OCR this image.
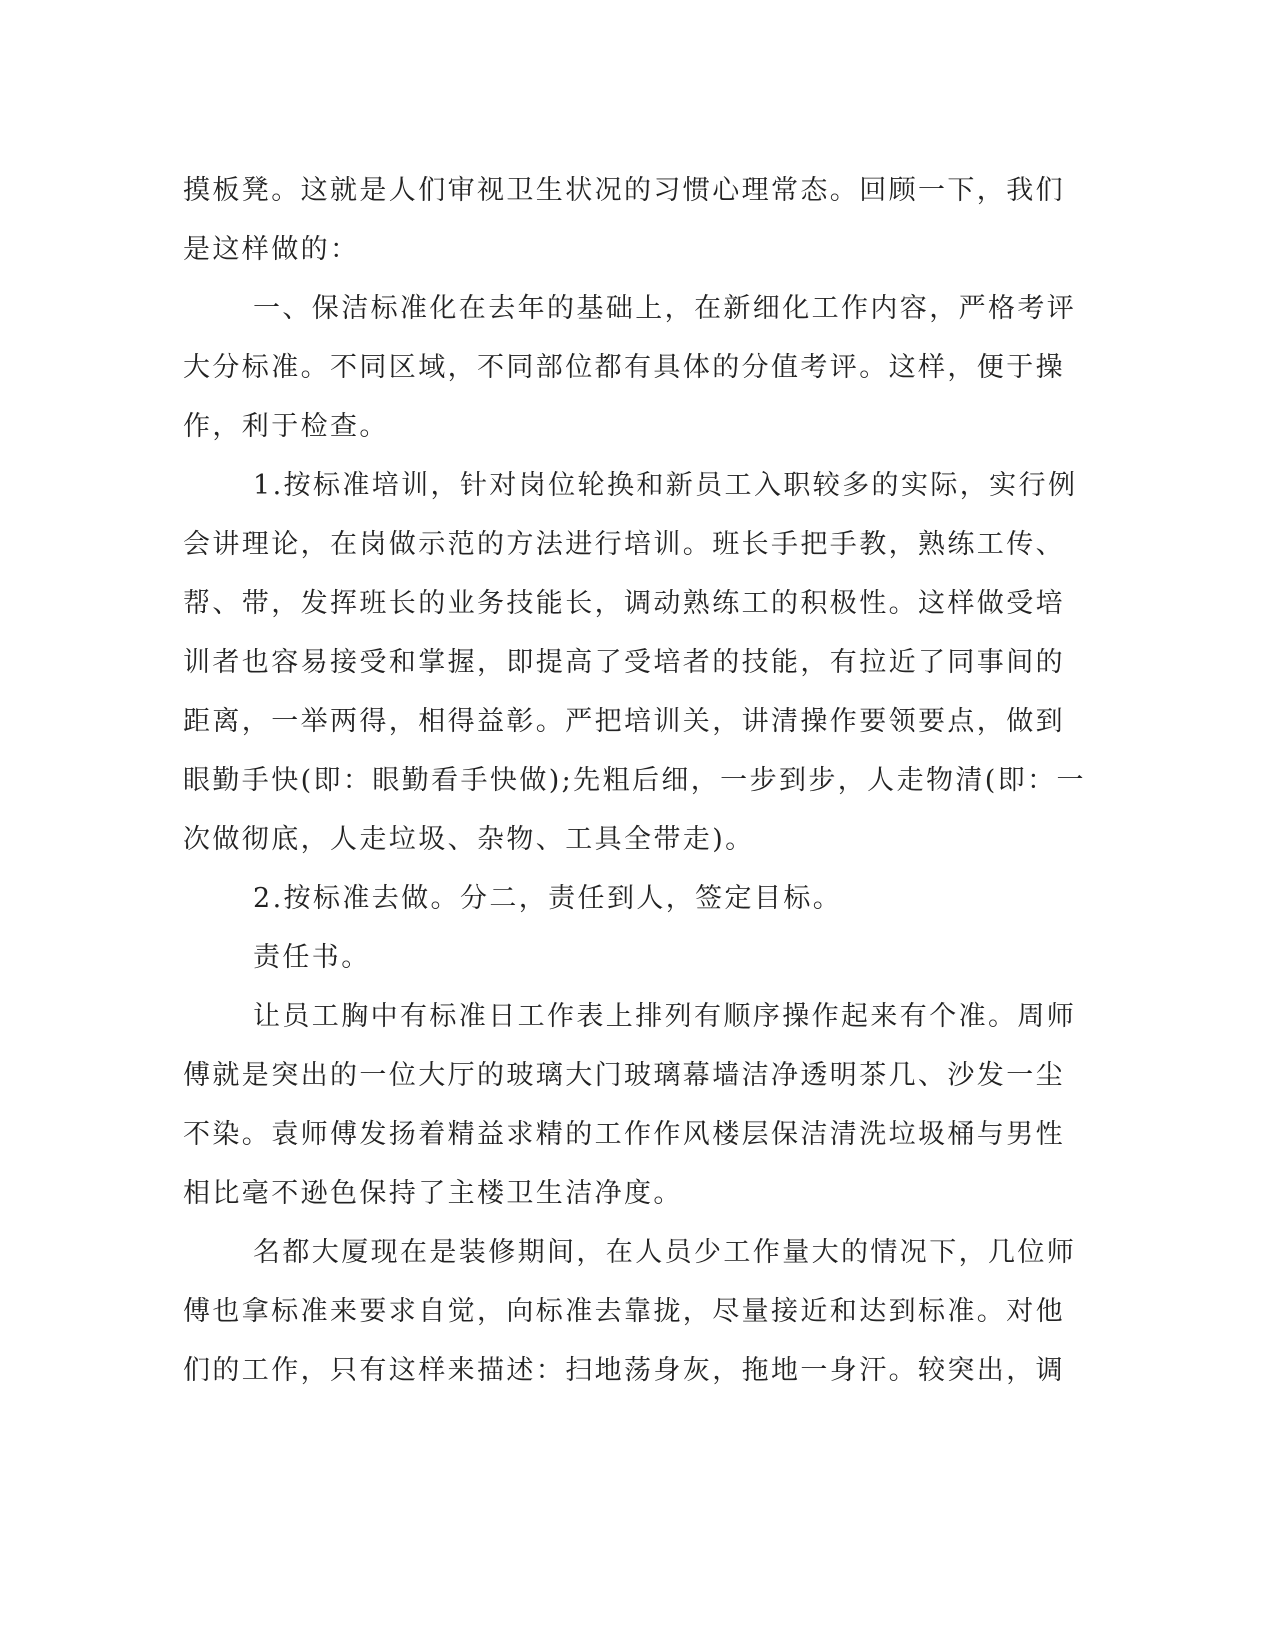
摸板凳。这就是人们审视卫生状况的习惯心理常态。回顾一下，我们
是这样做的：
一、保洁标准化在去年的基础上，在新细化工作内容，严格考评
大分标准。不同区域，不同部位都有具体的分值考评。这样，便于操
作，利于检查。
1.按标准培训，针对岗位轮换和新员工入职较多的实际，实行例
会讲理论，在岗做示范的方法进行培训。班长手把手教，熟练工传、
帮、带，发挥班长的业务技能长，调动熟练工的积极性。这样做受培
训者也容易接受和掌握，即提高了受培者的技能，有拉近了同事间的
距离，一举两得，相得益彰。严把培训关，讲清操作要领要点，做到
眼勤手快(即：眼勤看手快做);先粗后细，一步到步，人走物清(即：一
次做彻底，人走垃圾、杂物、工具全带走)。
2.按标准去做。分二，责任到人，签定目标。
责任书。
让员工胸中有标准日工作表上排列有顺序操作起来有个准。周师
傅就是突出的一位大厅的玻璃大门玻璃幕墙洁净透明茶几、沙发一尘
不染。袁师傅发扬着精益求精的工作作风楼层保洁清洗垃圾桶与男性
相比毫不逊色保持了主楼卫生洁净度。
名都大厦现在是装修期间，在人员少工作量大的情况下，几位师
傅也拿标准来要求自觉，向标准去靠拢，尽量接近和达到标准。对他
们的工作，只有这样来描述：扫地荡身灰，拖地一身汗。较突出，调
